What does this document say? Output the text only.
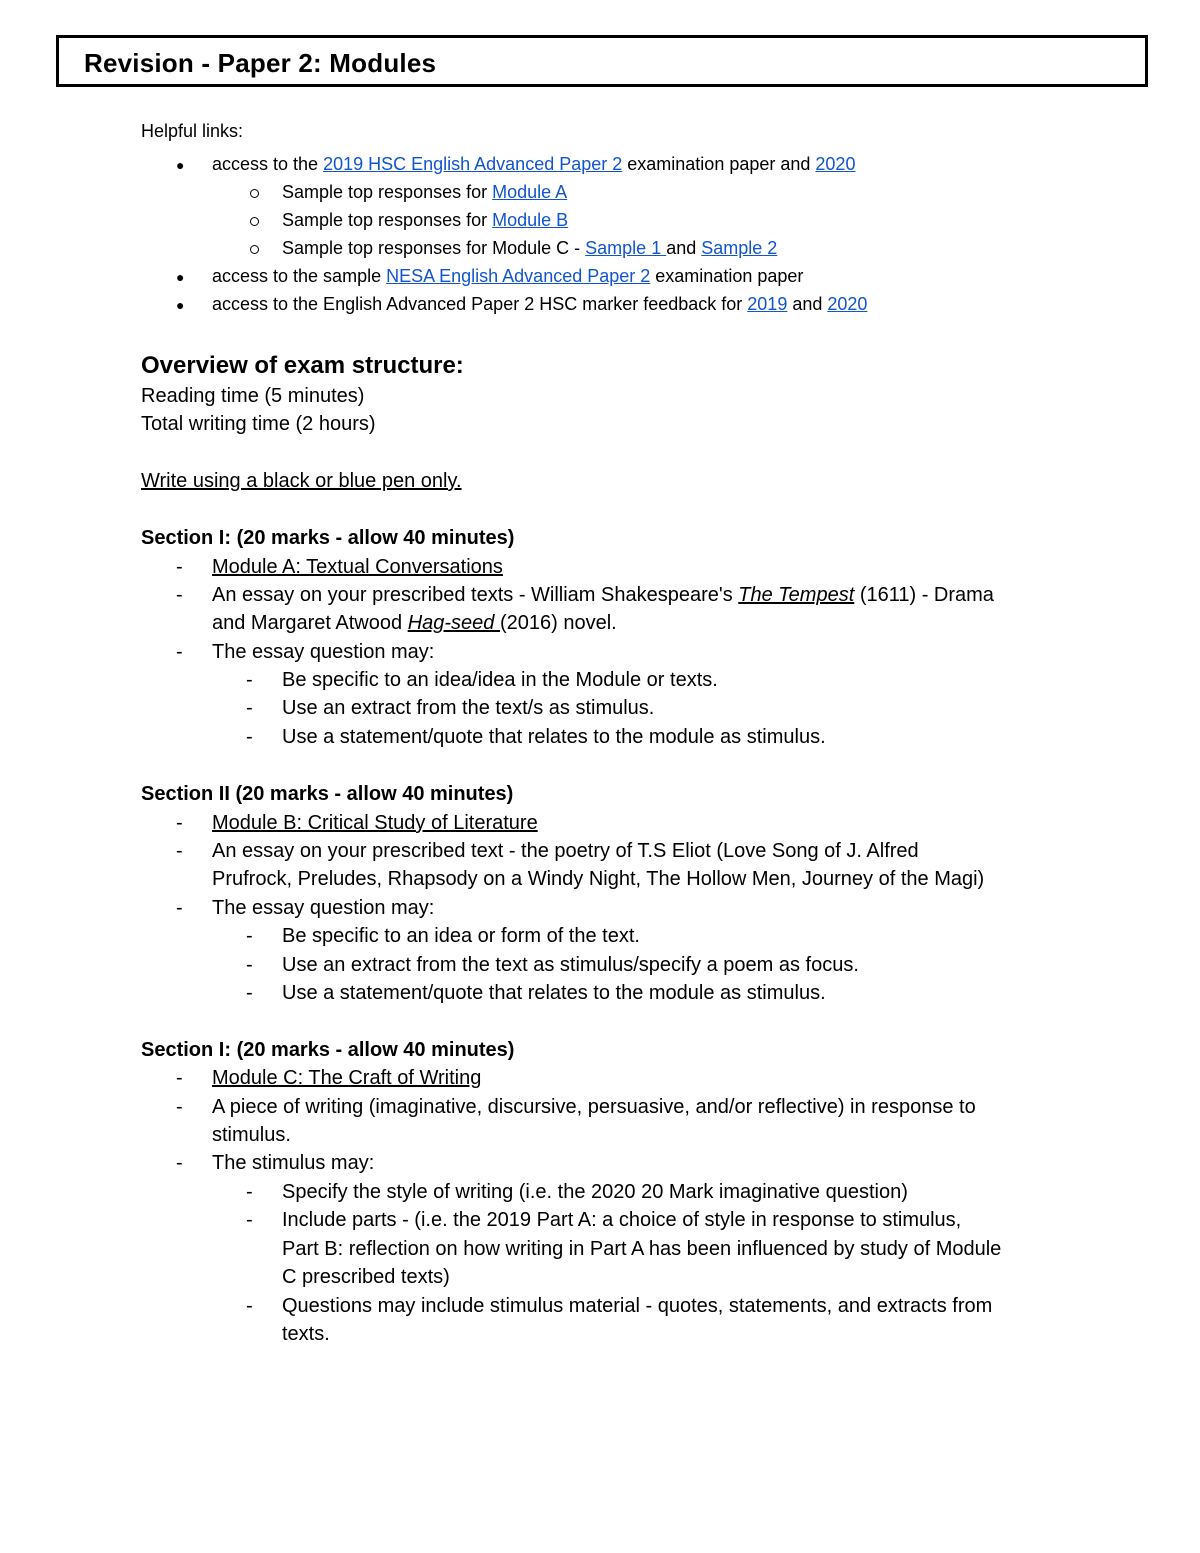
Revision - Paper 2: Modules
Helpful links:
● access to the 2019 HSC English Advanced Paper 2 examination paper and 2020
Sample top responses for Module A
Sample top responses for Module B
Sample top responses for Module C - Sample 1 and Sample 2
● access to the sample NESA English Advanced Paper 2 examination paper
● access to the English Advanced Paper 2 HSC marker feedback for 2019 and 2020
Overview of exam structure:
Reading time (5 minutes)
Total writing time (2 hours)
Write using a black or blue pen only.
Section I: (20 marks - allow 40 minutes)
- Module A: Textual Conversations
- An essay on your prescribed texts - William Shakespeare's The Tempest (1611) - Drama
and Margaret Atwood Hag-seed (2016) novel.
- The essay question may:
- Be specific to an idea/idea in the Module or texts.
- Use an extract from the text/s as stimulus.
- Use a statement/quote that relates to the module as stimulus.
Section II (20 marks - allow 40 minutes)
- Module B: Critical Study of Literature
- An essay on your prescribed text - the poetry of T.S Eliot (Love Song of J. Alfred
Prufrock, Preludes, Rhapsody on a Windy Night, The Hollow Men, Journey of the Magi)
- The essay question may:
- Be specific to an idea or form of the text.
- Use an extract from the text as stimulus/specify a poem as focus.
- Use a statement/quote that relates to the module as stimulus.
Section I: (20 marks - allow 40 minutes)
- Module C: The Craft of Writing
- A piece of writing (imaginative, discursive, persuasive, and/or reflective) in response to
stimulus.
- The stimulus may:
- Specify the style of writing (i.e. the 2020 20 Mark imaginative question)
- Include parts - (i.e. the 2019 Part A: a choice of style in response to stimulus,
Part B: reflection on how writing in Part A has been influenced by study of Module
C prescribed texts)
- Questions may include stimulus material - quotes, statements, and extracts from
texts.
